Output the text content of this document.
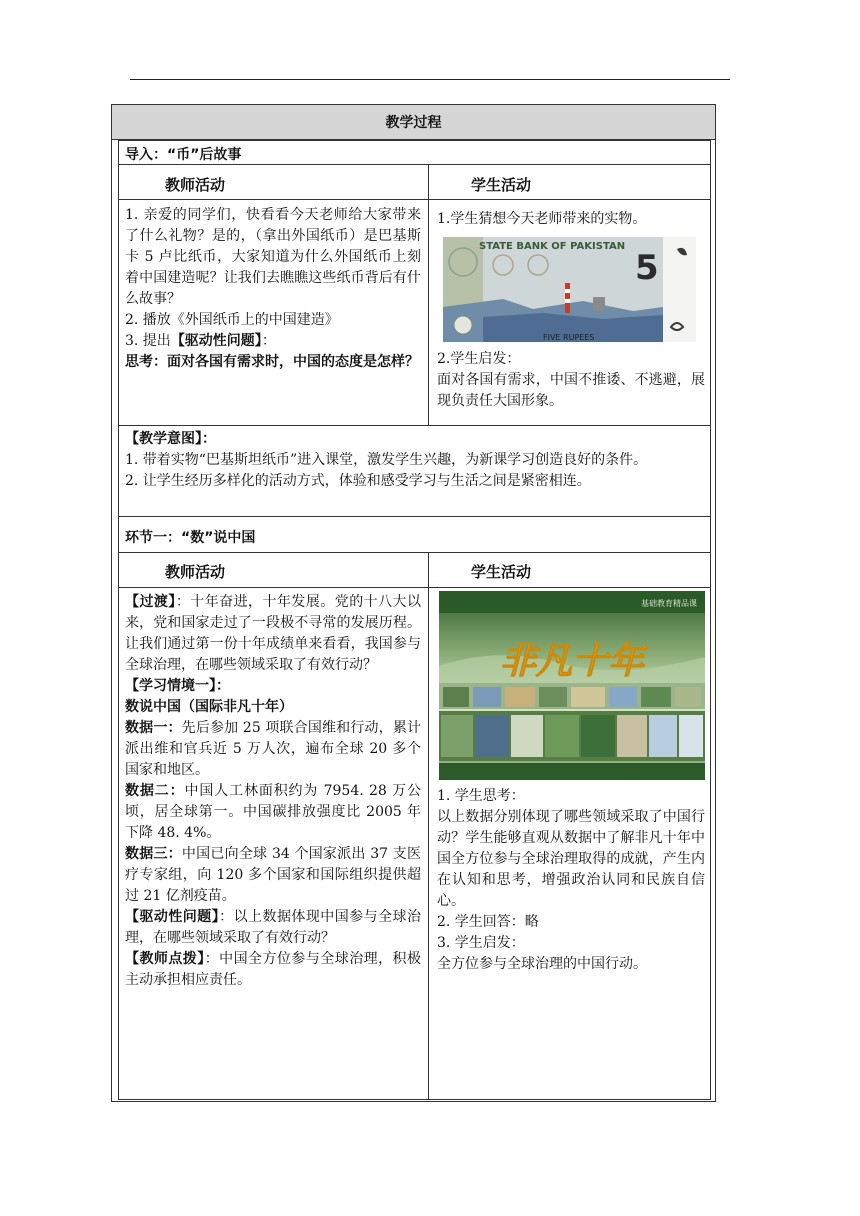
教学过程
导入：“币”后故事
教师活动	学生活动

1. 亲爱的同学们，快看看今天老师给大家带来了什么礼物？是的，（拿出外国纸币）是巴基斯卡 5 卢比纸币，大家知道为什么外国纸币上刻着中国建造呢？让我们去瞧瞧这些纸币背后有什么故事？

2. 播放《外国纸币上的中国建造》

3. 提出【驱动性问题】：

思考：面对各国有需求时，中国的态度是怎样？

1.学生猜想今天老师带来的实物。
5
STATE BANK OF PAKISTAN
FIVE RUPEES

2.学生启发：

面对各国有需求，中国不推诿、不逃避，展现负责任大国形象。

【教学意图】：

1. 带着实物“巴基斯坦纸币”进入课堂，激发学生兴趣，为新课学习创造良好的条件。

2. 让学生经历多样化的活动方式，体验和感受学习与生活之间是紧密相连。

环节一：“数”说中国
教师活动	学生活动

【过渡】：十年奋进，十年发展。党的十八大以来，党和国家走过了一段极不寻常的发展历程。让我们通过第一份十年成绩单来看看，我国参与全球治理，在哪些领域采取了有效行动？

【学习情境一】：

数说中国（国际非凡十年）

数据一：先后参加 25 项联合国维和行动，累计派出维和官兵近 5 万人次，遍布全球 20 多个国家和地区。

数据二：中国人工林面积约为 7954. 28 万公顷，居全球第一。中国碳排放强度比 2005 年下降 48. 4%。

数据三：中国已向全球 34 个国家派出 37 支医疗专家组，向 120 多个国家和国际组织提供超过 21 亿剂疫苗。

【驱动性问题】：以上数据体现中国参与全球治理，在哪些领域采取了有效行动？

【教师点拨】：中国全方位参与全球治理，积极主动承担相应责任。

基础教育精品课
非凡十年

1. 学生思考：

以上数据分别体现了哪些领域采取了中国行动？学生能够直观从数据中了解非凡十年中国全方位参与全球治理取得的成就，产生内在认知和思考，增强政治认同和民族自信心。

2. 学生回答：略

3. 学生启发：

全方位参与全球治理的中国行动。
